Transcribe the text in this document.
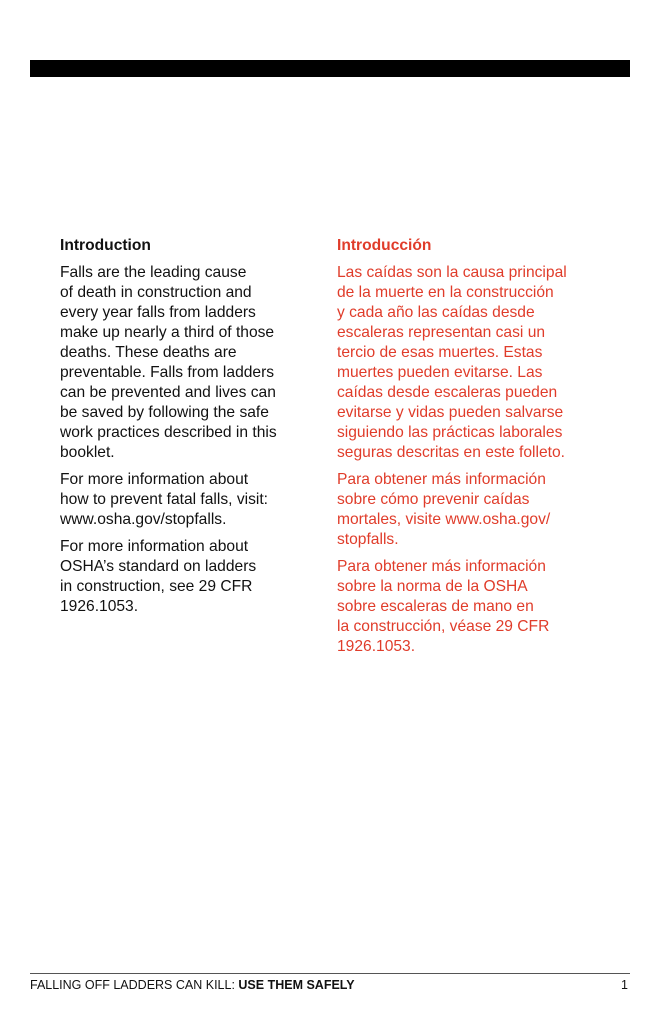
Introduction

Falls are the leading cause
of death in construction and
every year falls from ladders
make up nearly a third of those
deaths. These deaths are
preventable. Falls from ladders
can be prevented and lives can
be saved by following the safe
work practices described in this
booklet.

For more information about
how to prevent fatal falls, visit:
www.osha.gov/stopfalls.

For more information about
OSHA’s standard on ladders
in construction, see 29 CFR
1926.1053.

Introducción

Las caídas son la causa principal
de la muerte en la construcción
y cada año las caídas desde
escaleras representan casi un
tercio de esas muertes. Estas
muertes pueden evitarse. Las
caídas desde escaleras pueden
evitarse y vidas pueden salvarse
siguiendo las prácticas laborales
seguras descritas en este folleto.

Para obtener más información
sobre cómo prevenir caídas
mortales, visite www.osha.gov/
stopfalls.

Para obtener más información
sobre la norma de la OSHA
sobre escaleras de mano en
la construcción, véase 29 CFR
1926.1053.

FALLING OFF LADDERS CAN KILL: USE THEM SAFELY	1
